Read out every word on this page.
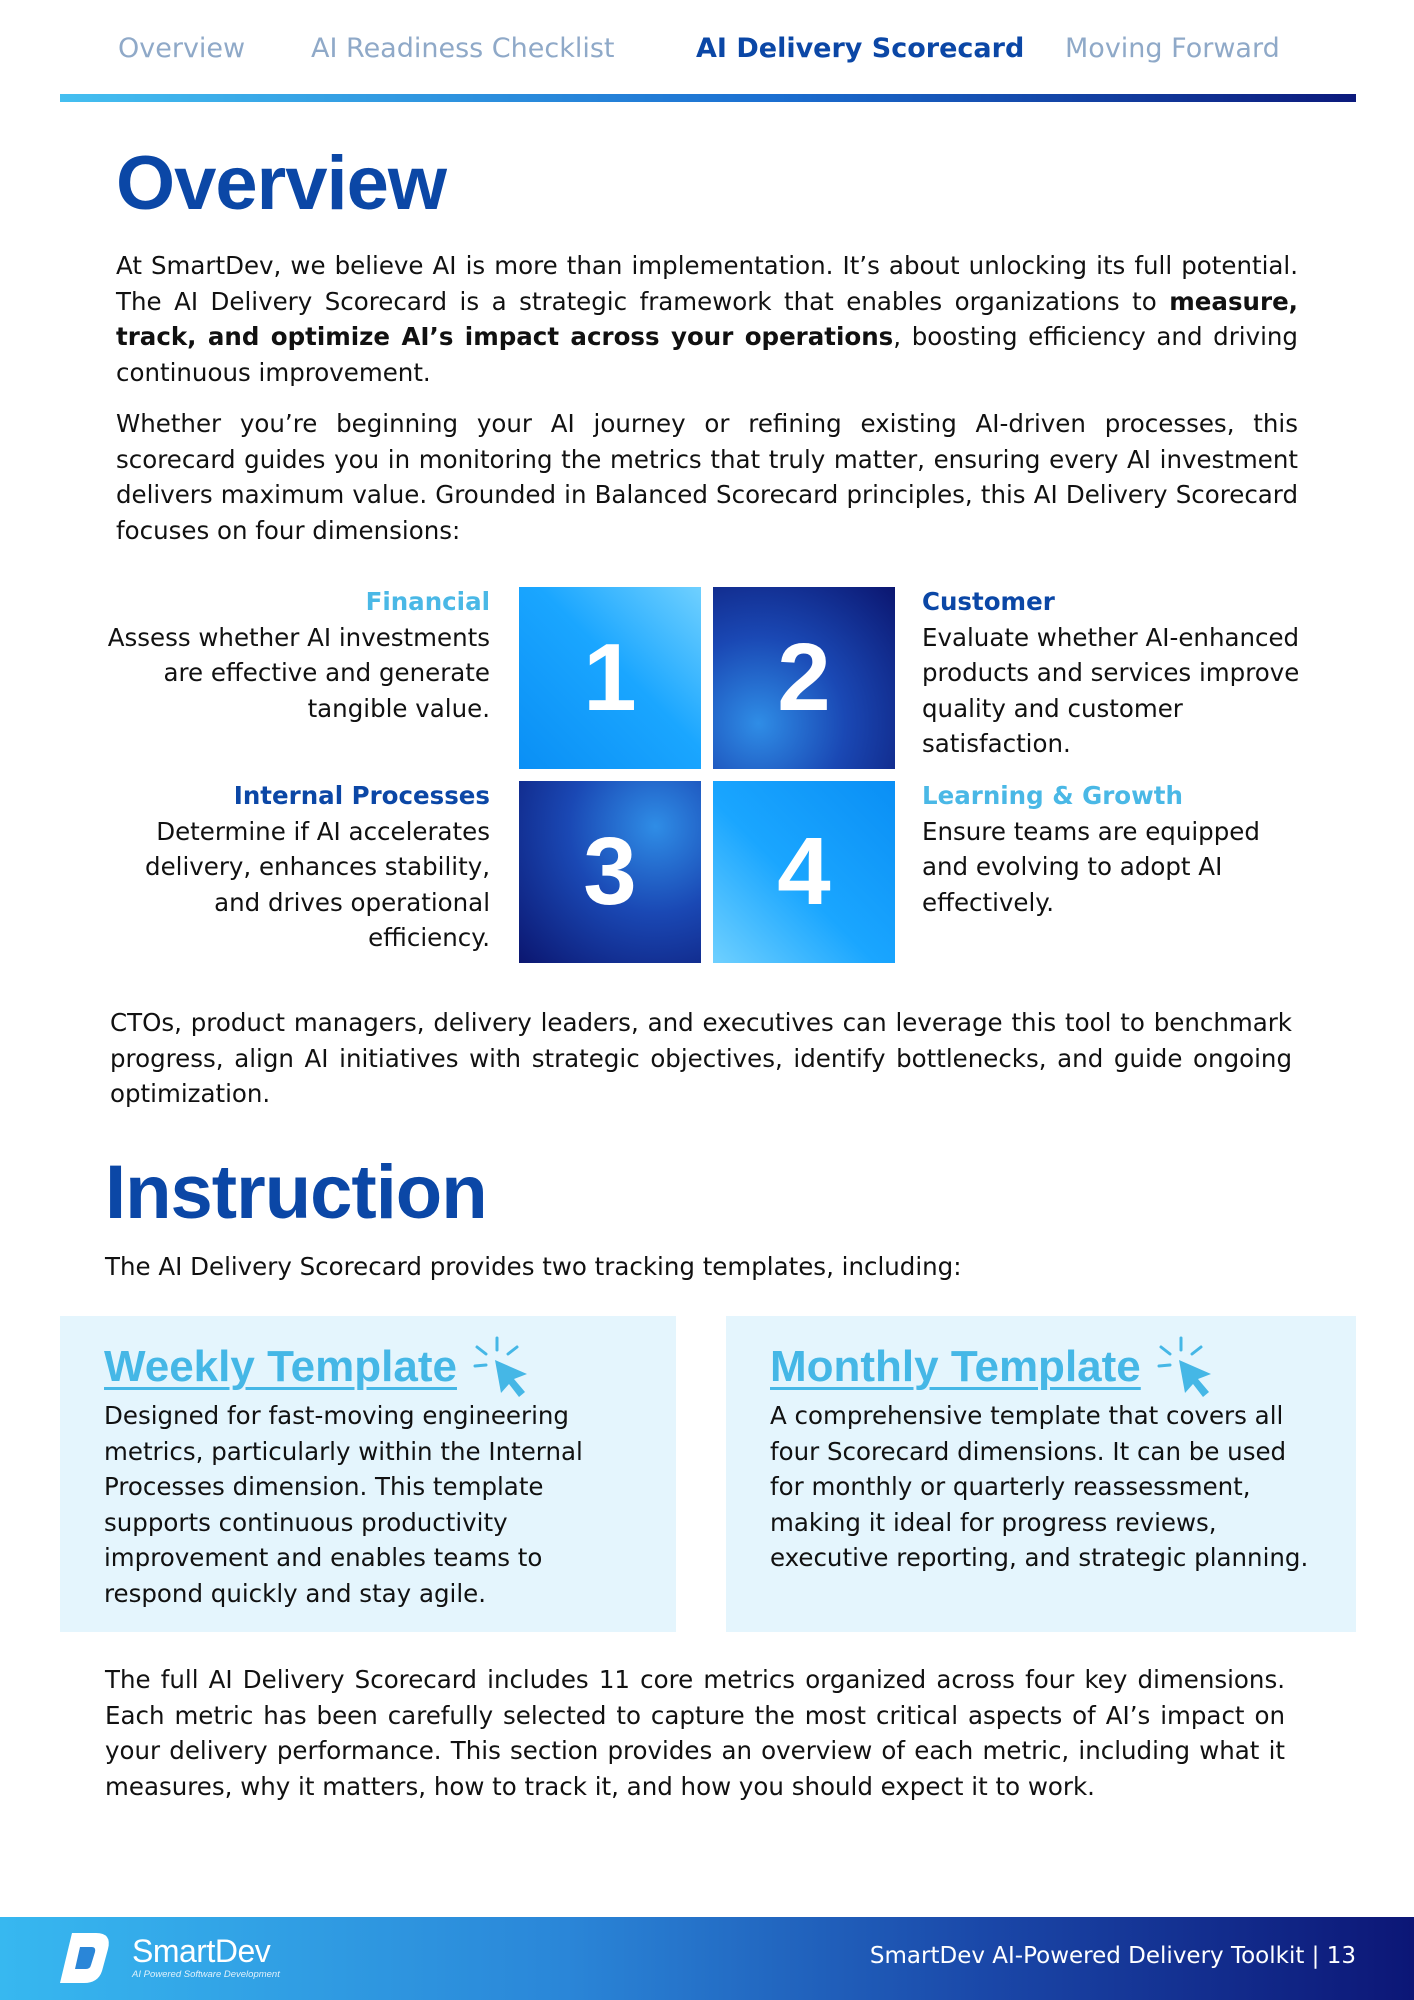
Overview AI Readiness Checklist	AI Delivery Scorecard Moving Forward
Overview

At SmartDev, we believe AI is more than implementation. It’s about unlocking its full potential. The AI Delivery Scorecard is a strategic framework that enables organizations to measure, track, and optimize AI’s impact across your operations, boosting efficiency and driving continuous improvement.

Whether you’re beginning your AI journey or refining existing AI-driven processes, this scorecard guides you in monitoring the metrics that truly matter, ensuring every AI investment delivers maximum value. Grounded in Balanced Scorecard principles, this AI Delivery Scorecard focuses on four dimensions:

Financial
Assess whether AI investments are effective and generate tangible value. 1	2
3	4
Customer
Evaluate whether AI-enhanced products and services improve quality and customer satisfaction.
Internal Processes
Determine if AI accelerates delivery, enhances stability, and drives operational efficiency.
Learning & Growth
Ensure teams are equipped and evolving to adopt AI effectively.

CTOs, product managers, delivery leaders, and executives can leverage this tool to benchmark progress, align AI initiatives with strategic objectives, identify bottlenecks, and guide ongoing optimization.

Instruction

The AI Delivery Scorecard provides two tracking templates, including:

Weekly Template

Designed for fast-moving engineering metrics, particularly within the Internal Processes dimension. This template supports continuous productivity improvement and enables teams to respond quickly and stay agile.

Monthly Template

A comprehensive template that covers all four Scorecard dimensions. It can be used for monthly or quarterly reassessment, making it ideal for progress reviews, executive reporting, and strategic planning.

The full AI Delivery Scorecard includes 11 core metrics organized across four key dimensions. Each metric has been carefully selected to capture the most critical aspects of AI’s impact on your delivery performance. This section provides an overview of each metric, including what it measures, why it matters, how to track it, and how you should expect it to work.

SmartDev
AI Powered Software Development
SmartDev AI-Powered Delivery Toolkit | 13
